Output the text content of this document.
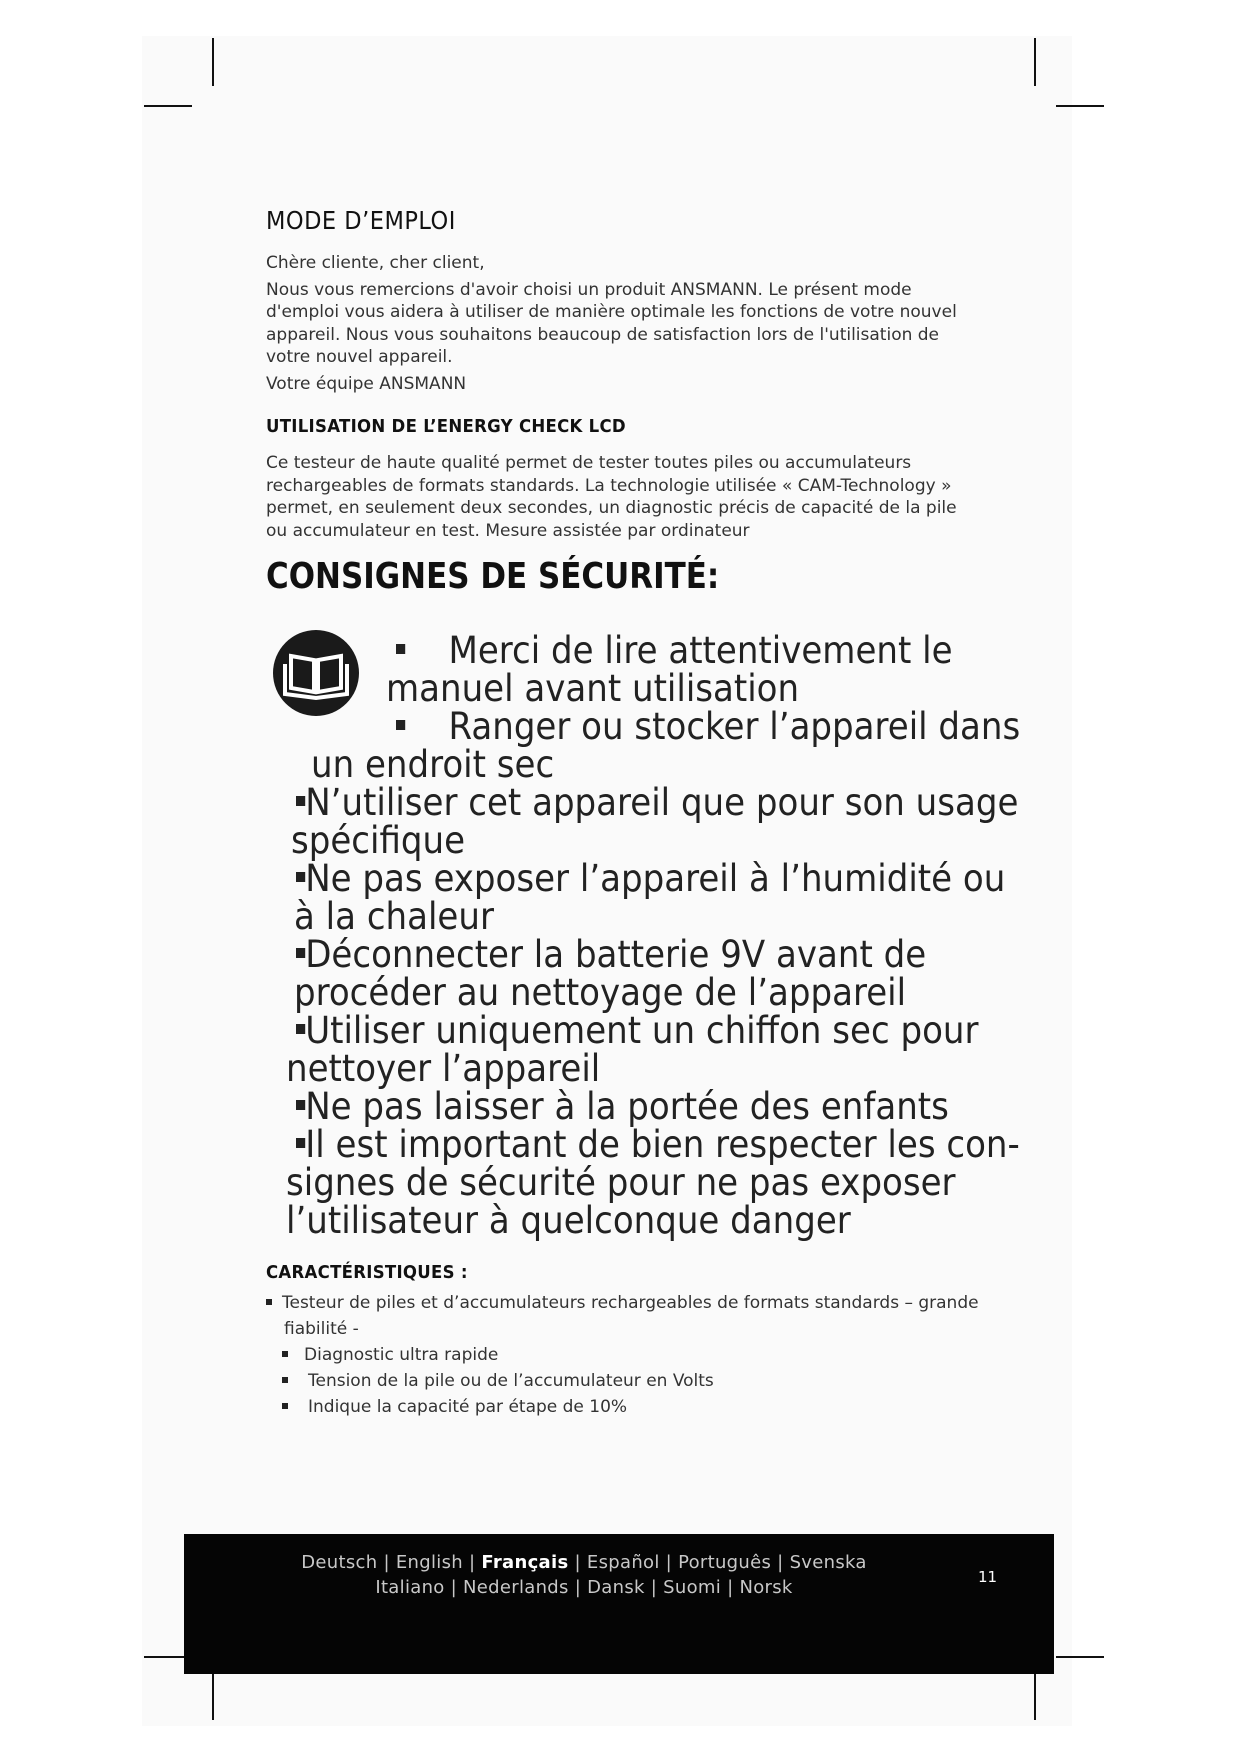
MODE D’EMPLOI

Chère cliente, cher client,

Nous vous remercions d'avoir choisi un produit ANSMANN. Le présent mode

d'emploi vous aidera à utiliser de manière optimale les fonctions de votre nouvel

appareil. Nous vous souhaitons beaucoup de satisfaction lors de l'utilisation de

votre nouvel appareil.

Votre équipe ANSMANN

UTILISATION DE L’ENERGY CHECK LCD
Ce testeur de haute qualité permet de tester toutes piles ou accumulateurs
rechargeables de formats standards. La technologie utilisée « CAM-Technology »
permet, en seulement deux secondes, un diagnostic précis de capacité de la pile
ou accumulateur en test. Mesure assistée par ordinateur
CONSIGNES DE SÉCURITÉ:
Merci de lire attentivement le
manuel avant utilisation
Ranger ou stocker l’appareil dans
un endroit sec
N’utiliser cet appareil que pour son usage
spécifique
Ne pas exposer l’appareil à l’humidité ou
à la chaleur
Déconnecter la batterie 9V avant de
procéder au nettoyage de l’appareil
Utiliser uniquement un chiffon sec pour
nettoyer l’appareil
Ne pas laisser à la portée des enfants
Il est important de bien respecter les con-
signes de sécurité pour ne pas exposer
l’utilisateur à quelconque danger
CARACTÉRISTIQUES :
Testeur de piles et d’accumulateurs rechargeables de formats standards – grande
fiabilité -
Diagnostic ultra rapide
Tension de la pile ou de l’accumulateur en Volts
Indique la capacité par étape de 10%
Deutsch | English | Français | Español | Português | Svenska
Italiano | Nederlands | Dansk | Suomi | Norsk	11
